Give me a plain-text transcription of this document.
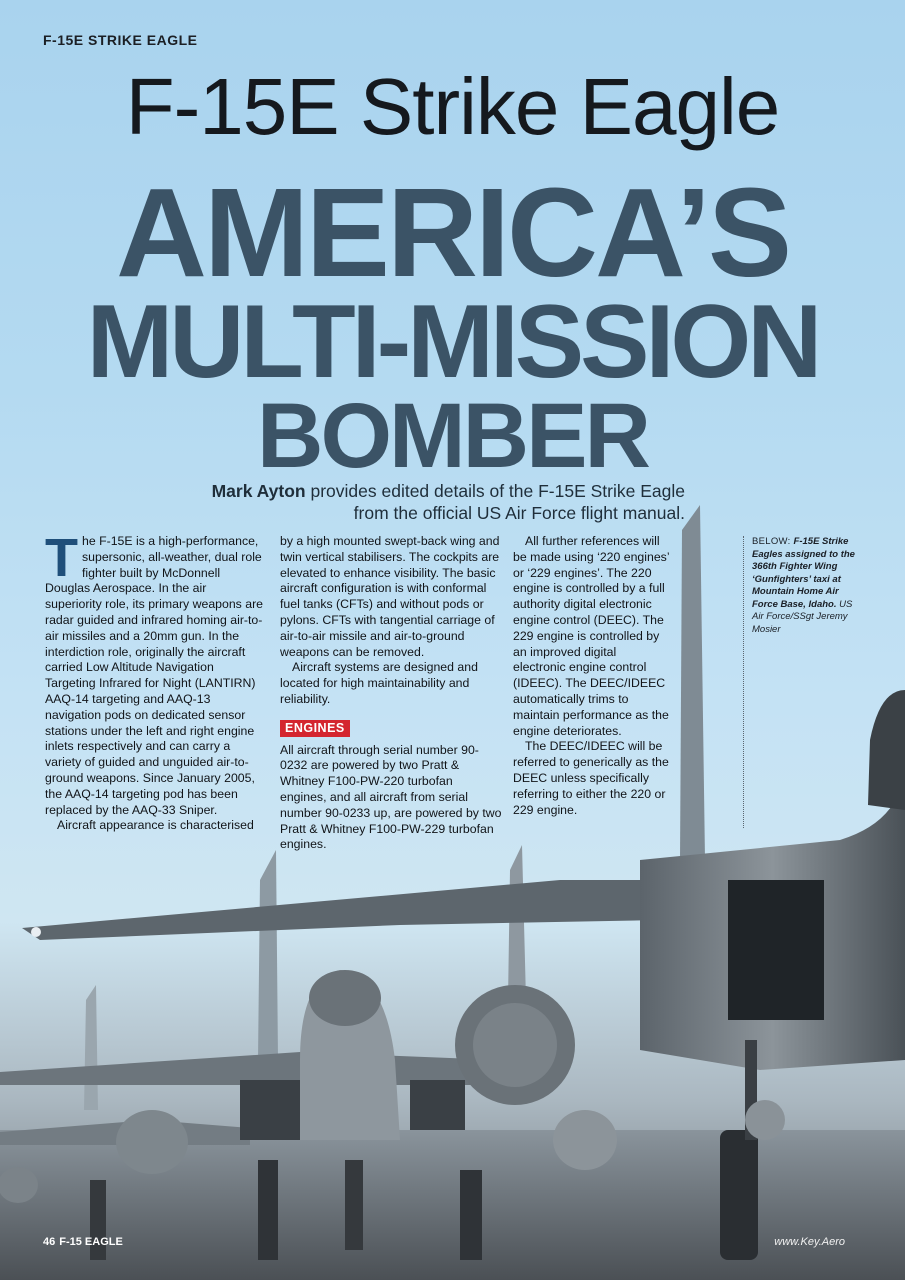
F-15E STRIKE EAGLE
F-15E Strike Eagle
AMERICA’S
MULTI-MISSION
BOMBER
Mark Ayton provides edited details of the F-15E Strike Eagle from the official US Air Force flight manual.

The F-15E is a high-performance, supersonic, all-weather, dual role fighter built by McDonnell Douglas Aerospace. In the air superiority role, its primary weapons are radar guided and infrared homing air-to-air missiles and a 20mm gun. In the interdiction role, originally the aircraft carried Low Altitude Navigation Targeting Infrared for Night (LANTIRN) AAQ-14 targeting and AAQ-13 navigation pods on dedicated sensor stations under the left and right engine inlets respectively and can carry a variety of guided and unguided air-to-ground weapons. Since January 2005, the AAQ-14 targeting pod has been replaced by the AAQ-33 Sniper.

Aircraft appearance is characterised

by a high mounted swept-back wing and twin vertical stabilisers. The cockpits are elevated to enhance visibility. The basic aircraft configuration is with conformal fuel tanks (CFTs) and without pods or pylons. CFTs with tangential carriage of air-to-air missile and air-to-ground weapons can be removed.

Aircraft systems are designed and located for high maintainability and reliability.

ENGINES

All aircraft through serial number 90-0232 are powered by two Pratt & Whitney F100-PW-220 turbofan engines, and all aircraft from serial number 90-0233 up, are powered by two Pratt & Whitney F100-PW-229 turbofan engines.

All further references will be made using ‘220 engines’ or ‘229 engines’. The 220 engine is controlled by a full authority digital electronic engine control (DEEC). The 229 engine is controlled by an improved digital electronic engine control (IDEEC). The DEEC/IDEEC automatically trims to maintain performance as the engine deteriorates.

The DEEC/IDEEC will be referred to generically as the DEEC unless specifically referring to either the 220 or 229 engine.

BELOW: F-15E Strike Eagles assigned to the 366th Fighter Wing ‘Gunfighters’ taxi at Mountain Home Air Force Base, Idaho. US Air Force/SSgt Jeremy Mosier
46 F-15 EAGLE	www.Key.Aero
